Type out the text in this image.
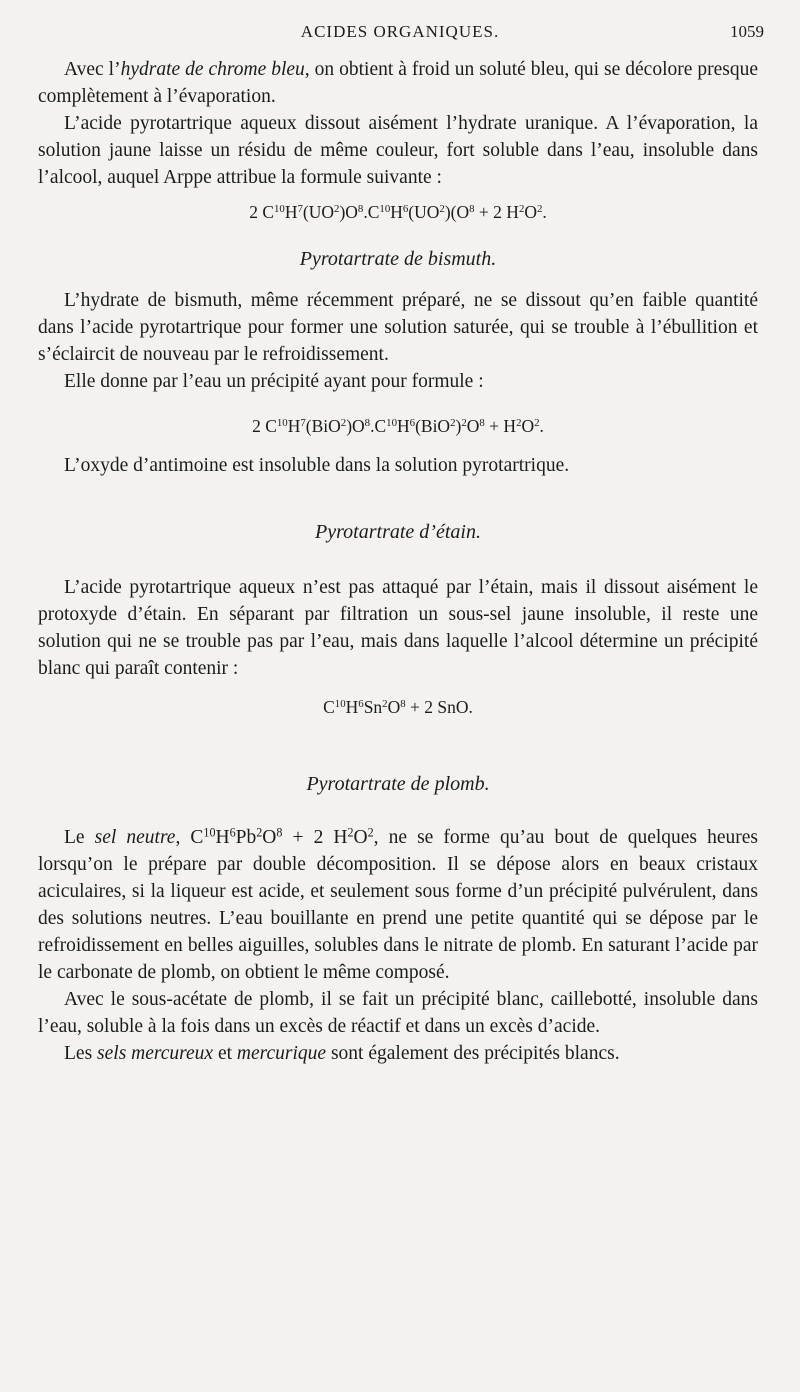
ACIDES ORGANIQUES.	1059

Avec l’hydrate de chrome bleu, on obtient à froid un soluté bleu, qui se décolore presque complètement à l’évaporation.

L’acide pyrotartrique aqueux dissout aisément l’hydrate uranique. A l’évaporation, la solution jaune laisse un résidu de même couleur, fort soluble dans l’eau, insoluble dans l’alcool, auquel Arppe attribue la formule suivante :

2 $C^{10}H^7(UO^2)O^8.C^{10}H^6(UO^2)(O^8 + 2$ $H^2O^2$.
Pyrotartrate de bismuth.

L’hydrate de bismuth, même récemment préparé, ne se dissout qu’en faible quantité dans l’acide pyrotartrique pour former une solution saturée, qui se trouble à l’ébullition et s’éclaircit de nouveau par le refroidissement.

Elle donne par l’eau un précipité ayant pour formule :

2 $C^{10}H^7(BiO^2)O^8.C^{10}H^6(BiO^2)^2O^8 + H^2O^2$.

L’oxyde d’antimoine est insoluble dans la solution pyrotartrique.

Pyrotartrate d’étain.

L’acide pyrotartrique aqueux n’est pas attaqué par l’étain, mais il dissout aisément le protoxyde d’étain. En séparant par filtration un sous-sel jaune insoluble, il reste une solution qui ne se trouble pas par l’eau, mais dans laquelle l’alcool détermine un précipité blanc qui paraît contenir :

$C^{10}H^6Sn^2O^8 + 2$ SnO.
Pyrotartrate de plomb.

Le sel neutre, $C^{10}H^6Pb^2O^8 + 2$ $H^2O^2$, ne se forme qu’au bout de quelques heures lorsqu’on le prépare par double décomposition. Il se dépose alors en beaux cristaux aciculaires, si la liqueur est acide, et seulement sous forme d’un précipité pulvérulent, dans des solutions neutres. L’eau bouillante en prend une petite quantité qui se dépose par le refroidissement en belles aiguilles, solubles dans le nitrate de plomb. En saturant l’acide par le carbonate de plomb, on obtient le même composé.

Avec le sous-acétate de plomb, il se fait un précipité blanc, caillebotté, insoluble dans l’eau, soluble à la fois dans un excès de réactif et dans un excès d’acide.

Les sels mercureux et mercurique sont également des précipités blancs.
